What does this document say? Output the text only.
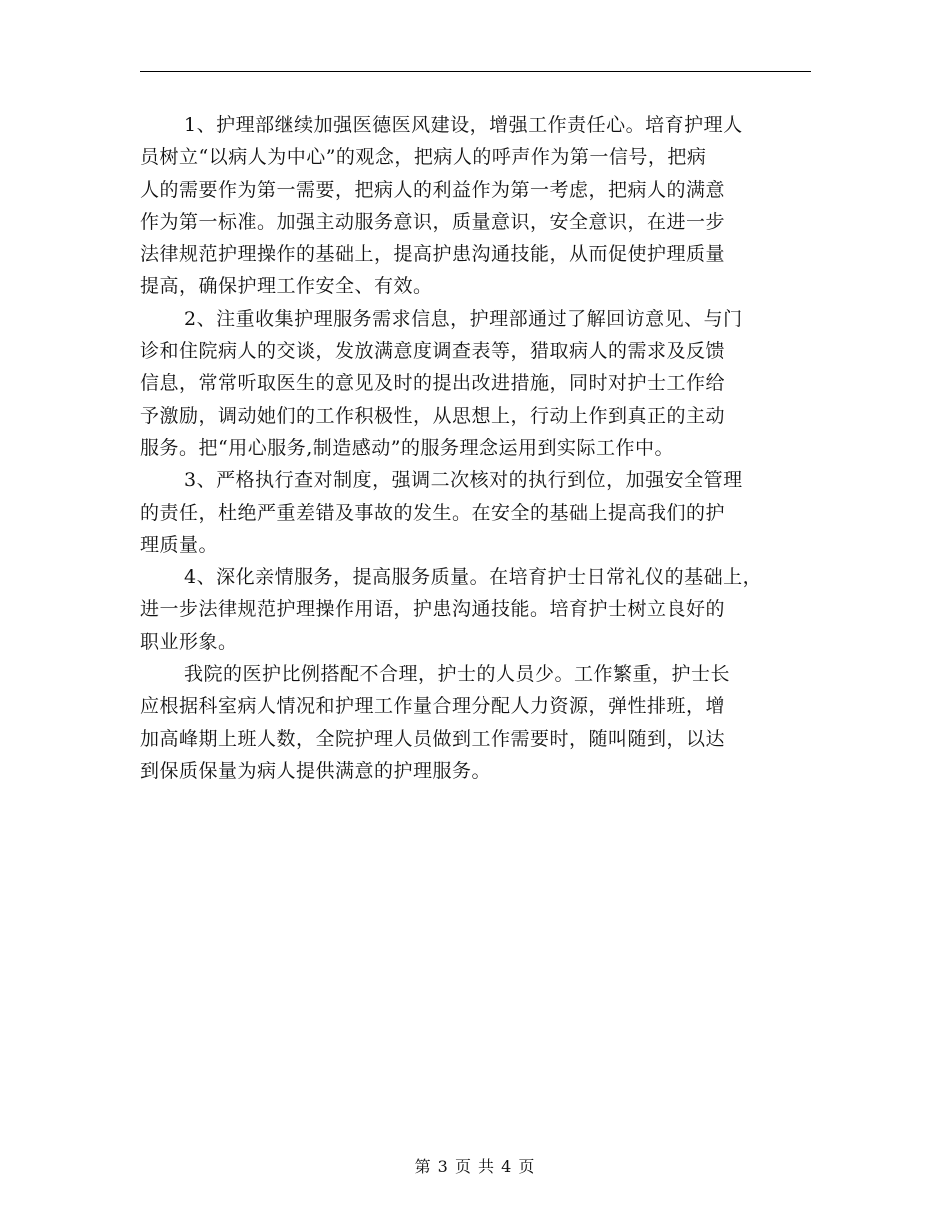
1、护理部继续加强医德医风建设，增强工作责任心。培育护理人
员树立“以病人为中心”的观念，把病人的呼声作为第一信号，把病
人的需要作为第一需要，把病人的利益作为第一考虑，把病人的满意
作为第一标准。加强主动服务意识，质量意识，安全意识，在进一步
法律规范护理操作的基础上，提高护患沟通技能，从而促使护理质量
提高，确保护理工作安全、有效。
2、注重收集护理服务需求信息，护理部通过了解回访意见、与门
诊和住院病人的交谈，发放满意度调查表等，猎取病人的需求及反馈
信息，常常听取医生的意见及时的提出改进措施，同时对护士工作给
予激励，调动她们的工作积极性，从思想上，行动上作到真正的主动
服务。把“用心服务,制造感动”的服务理念运用到实际工作中。
3、严格执行查对制度，强调二次核对的执行到位，加强安全管理
的责任，杜绝严重差错及事故的发生。在安全的基础上提高我们的护
理质量。
4、深化亲情服务，提高服务质量。在培育护士日常礼仪的基础上，
进一步法律规范护理操作用语，护患沟通技能。培育护士树立良好的
职业形象。
我院的医护比例搭配不合理，护士的人员少。工作繁重，护士长
应根据科室病人情况和护理工作量合理分配人力资源，弹性排班，增
加高峰期上班人数，全院护理人员做到工作需要时，随叫随到，以达
到保质保量为病人提供满意的护理服务。
第 3 页 共 4 页
